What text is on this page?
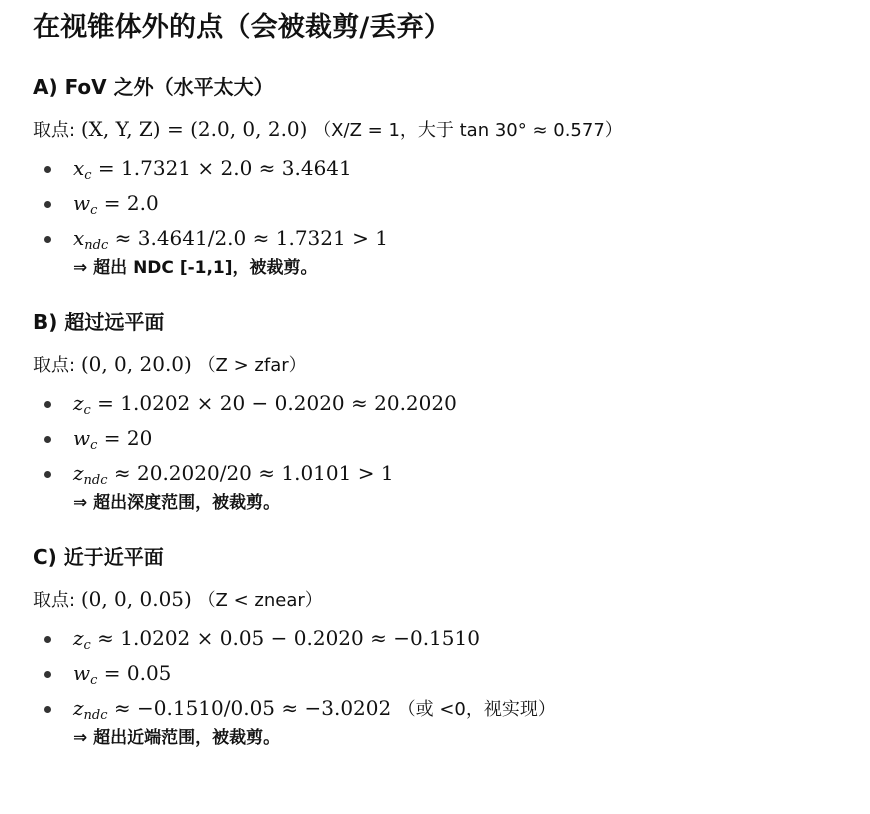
在视锥体外的点（会被裁剪/丢弃）
A) FoV 之外（水平太大）
取点: (X, Y, Z) = (2.0, 0, 2.0) （X/Z = 1，大于 tan 30° ≈ 0.577）
$x_c = 1.7321 \times 2.0 \approx 3.4641$
$w_c = 2.0$
$x_{ndc} \approx 3.4641/2.0 \approx 1.7321 > 1$
⇒ 超出 NDC [-1,1]，被裁剪。
B) 超过远平面
取点: (0, 0, 20.0) （Z > zfar）
$z_c = 1.0202 \times 20 - 0.2020 \approx 20.2020$
$w_c = 20$
$z_{ndc} \approx 20.2020/20 \approx 1.0101 > 1$
⇒ 超出深度范围，被裁剪。
C) 近于近平面
取点: (0, 0, 0.05) （Z < znear）
$z_c \approx 1.0202 \times 0.05 - 0.2020 \approx -0.1510$
$w_c = 0.05$
$z_{ndc} \approx -0.1510/0.05 \approx -3.0202$ （或 <0，视实现）
⇒ 超出近端范围，被裁剪。
